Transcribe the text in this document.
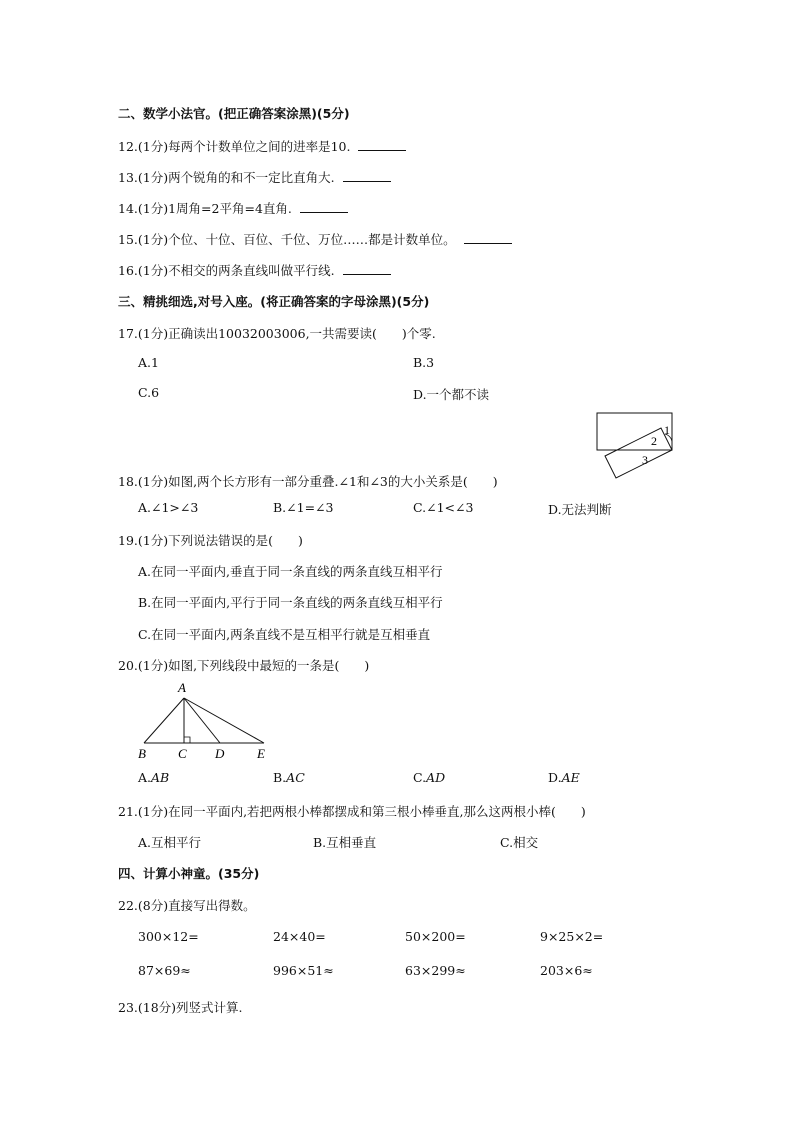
二、数学小法官。(把正确答案涂黑)(5分)
12.(1分)每两个计数单位之间的进率是10.
13.(1分)两个锐角的和不一定比直角大.
14.(1分)1周角=2平角=4直角.
15.(1分)个位、十位、百位、千位、万位……都是计数单位。
16.(1分)不相交的两条直线叫做平行线.
三、精挑细选,对号入座。(将正确答案的字母涂黑)(5分)
17.(1分)正确读出10032003006,一共需要读(　　)个零.
A.1	B.3
C.6	D.一个都不读
1
2
3
18.(1分)如图,两个长方形有一部分重叠.∠1和∠3的大小关系是(　　)
A.∠1>∠3	B.∠1=∠3	C.∠1<∠3	D.无法判断
19.(1分)下列说法错误的是(　　)
A.在同一平面内,垂直于同一条直线的两条直线互相平行
B.在同一平面内,平行于同一条直线的两条直线互相平行
C.在同一平面内,两条直线不是互相平行就是互相垂直
20.(1分)如图,下列线段中最短的一条是(　　)
A
B C D	E
A.AB	B.AC	C.AD	D.AE
21.(1分)在同一平面内,若把两根小棒都摆成和第三根小棒垂直,那么这两根小棒(　　)
A.互相平行	B.互相垂直	C.相交
四、计算小神童。(35分)
22.(8分)直接写出得数。
300×12=	24×40=	50×200=	9×25×2=
87×69≈	996×51≈	63×299≈	203×6≈
23.(18分)列竖式计算.
